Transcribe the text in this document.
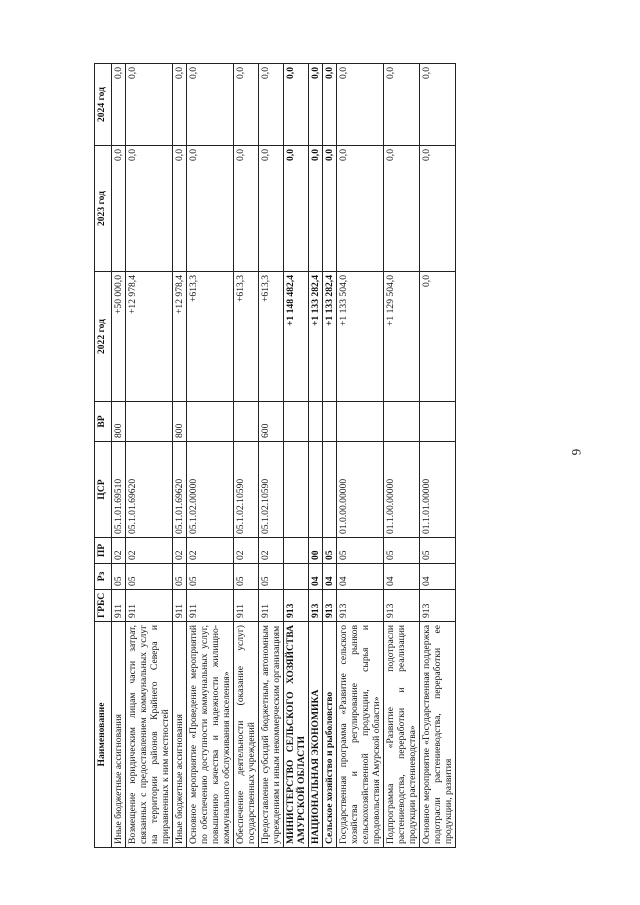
6
Наименование	ГРБС	Рз	ПР	ЦСР	ВР	2022 год	2023 год	2024 год
Иные бюджетные ассигнования	911	05	02	05.1.01.69510	800	+50 000,0	0,0	0,0
Возмещение юридическим лицам части затрат, связанных с предоставлением коммунальных услуг на территории районов Крайнего Севера и приравненных к ним местностей	911	05	02	05.1.01.69620		+12 978,4	0,0	0,0
Иные бюджетные ассигнования	911	05	02	05.1.01.69620	800	+12 978,4	0,0	0,0
Основное мероприятие «Проведение мероприятий по обеспечению доступности коммунальных услуг, повышению качества и надежности жилищно-коммунального обслуживания населения»	911	05	02	05.1.02.00000		+613,3	0,0	0,0
Обеспечение деятельности (оказание услуг) государственных учреждений	911	05	02	05.1.02.10590		+613,3	0,0	0,0
Предоставление субсидий бюджетным, автономным учреждениям и иным некоммерческим организациям	911	05	02	05.1.02.10590	600	+613,3	0,0	0,0
МИНИСТЕРСТВО СЕЛЬСКОГО ХОЗЯЙСТВА АМУРСКОЙ ОБЛАСТИ	913					+1 148 482,4	0,0	0,0
НАЦИОНАЛЬНАЯ ЭКОНОМИКА	913	04	00			+1 133 282,4	0,0	0,0
Сельское хозяйство и рыболовство	913	04	05			+1 133 282,4	0,0	0,0
Государственная программа «Развитие сельского хозяйства и регулирование рынков сельскохозяйственной продукции, сырья и продовольствия Амурской области»	913	04	05	01.0.00.00000		+1 133 504,0	0,0	0,0
Подпрограмма «Развитие подотрасли растениеводства, переработки и реализации продукции растениеводства»	913	04	05	01.1.00.00000		+1 129 504,0	0,0	0,0
Основное мероприятие «Государственная поддержка подотрасли растениеводства, переработки ее продукции, развития	913	04	05	01.1.01.00000		0,0	0,0	0,0
